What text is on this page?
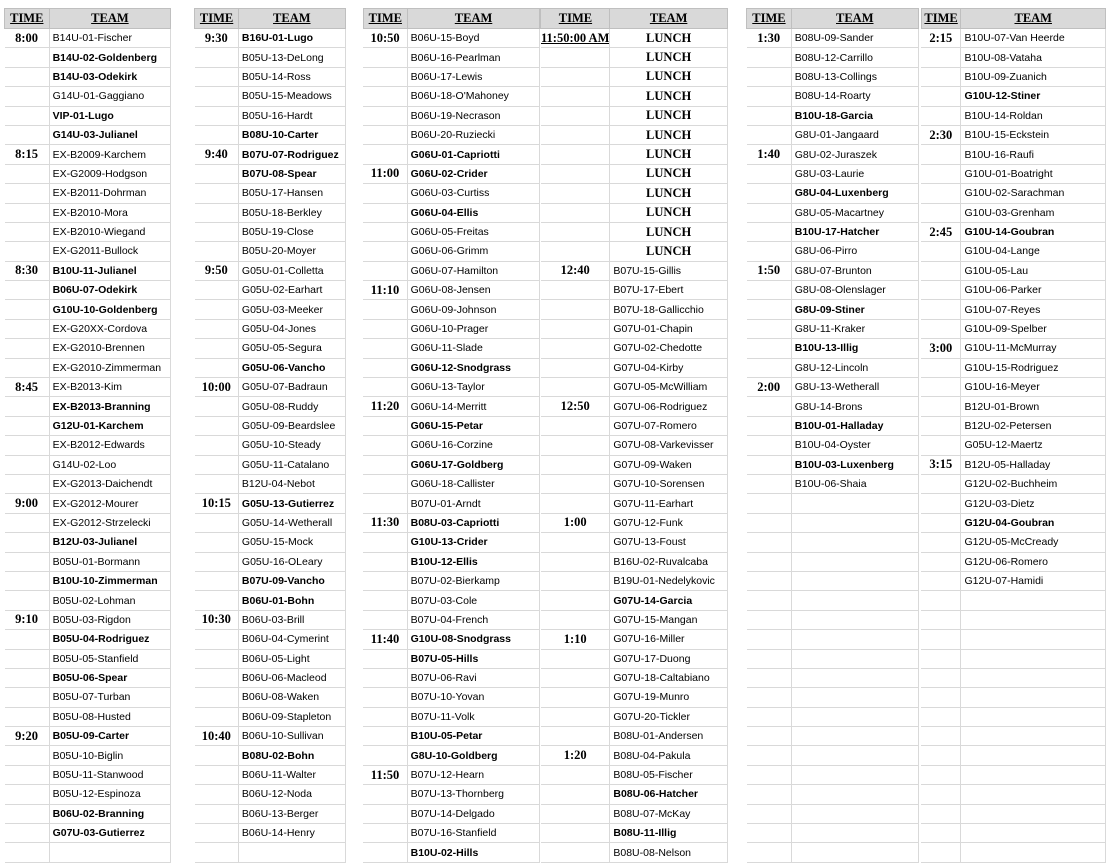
TIME	TEAM		TIME	TEAM		TIME	TEAM		TIME	TEAM		TIME	TEAM		TIME	TEAM
8:00	B14U-01-Fischer		9:30	B16U-01-Lugo		10:50	B06U-15-Boyd		11:50:00 AM	LUNCH		1:30	B08U-09-Sander		2:15	B10U-07-Van Heerde
	B14U-02-Goldenberg			B05U-13-DeLong			B06U-16-Pearlman			LUNCH			B08U-12-Carrillo			B10U-08-Vataha
	B14U-03-Odekirk			B05U-14-Ross			B06U-17-Lewis			LUNCH			B08U-13-Collings			B10U-09-Zuanich
	G14U-01-Gaggiano			B05U-15-Meadows			B06U-18-O'Mahoney			LUNCH			B08U-14-Roarty			G10U-12-Stiner
	VIP-01-Lugo			B05U-16-Hardt			B06U-19-Necrason			LUNCH			B10U-18-Garcia			B10U-14-Roldan
	G14U-03-Julianel			B08U-10-Carter			B06U-20-Ruziecki			LUNCH			G8U-01-Jangaard		2:30	B10U-15-Eckstein
8:15	EX-B2009-Karchem		9:40	B07U-07-Rodriguez			G06U-01-Capriotti			LUNCH		1:40	G8U-02-Juraszek			B10U-16-Raufi
	EX-G2009-Hodgson			B07U-08-Spear		11:00	G06U-02-Crider			LUNCH			G8U-03-Laurie			G10U-01-Boatright
	EX-B2011-Dohrman			B05U-17-Hansen			G06U-03-Curtiss			LUNCH			G8U-04-Luxenberg			G10U-02-Sarachman
	EX-B2010-Mora			B05U-18-Berkley			G06U-04-Ellis			LUNCH			G8U-05-Macartney			G10U-03-Grenham
	EX-B2010-Wiegand			B05U-19-Close			G06U-05-Freitas			LUNCH			B10U-17-Hatcher		2:45	G10U-14-Goubran
	EX-G2011-Bullock			B05U-20-Moyer			G06U-06-Grimm			LUNCH			G8U-06-Pirro			G10U-04-Lange
8:30	B10U-11-Julianel		9:50	G05U-01-Colletta			G06U-07-Hamilton		12:40	B07U-15-Gillis		1:50	G8U-07-Brunton			G10U-05-Lau
	B06U-07-Odekirk			G05U-02-Earhart		11:10	G06U-08-Jensen			B07U-17-Ebert			G8U-08-Olenslager			G10U-06-Parker
	G10U-10-Goldenberg			G05U-03-Meeker			G06U-09-Johnson			B07U-18-Gallicchio			G8U-09-Stiner			G10U-07-Reyes
	EX-G20XX-Cordova			G05U-04-Jones			G06U-10-Prager			G07U-01-Chapin			G8U-11-Kraker			G10U-09-Spelber
	EX-G2010-Brennen			G05U-05-Segura			G06U-11-Slade			G07U-02-Chedotte			B10U-13-Illig		3:00	G10U-11-McMurray
	EX-G2010-Zimmerman			G05U-06-Vancho			G06U-12-Snodgrass			G07U-04-Kirby			G8U-12-Lincoln			G10U-15-Rodriguez
8:45	EX-B2013-Kim		10:00	G05U-07-Badraun			G06U-13-Taylor			G07U-05-McWilliam		2:00	G8U-13-Wetherall			G10U-16-Meyer
	EX-B2013-Branning			G05U-08-Ruddy		11:20	G06U-14-Merritt		12:50	G07U-06-Rodriguez			G8U-14-Brons			B12U-01-Brown
	G12U-01-Karchem			G05U-09-Beardslee			G06U-15-Petar			G07U-07-Romero			B10U-01-Halladay			B12U-02-Petersen
	EX-B2012-Edwards			G05U-10-Steady			G06U-16-Corzine			G07U-08-Varkevisser			B10U-04-Oyster			G05U-12-Maertz
	G14U-02-Loo			G05U-11-Catalano			G06U-17-Goldberg			G07U-09-Waken			B10U-03-Luxenberg		3:15	B12U-05-Halladay
	EX-G2013-Daichendt			B12U-04-Nebot			G06U-18-Callister			G07U-10-Sorensen			B10U-06-Shaia			G12U-02-Buchheim
9:00	EX-G2012-Mourer		10:15	G05U-13-Gutierrez			B07U-01-Arndt			G07U-11-Earhart						G12U-03-Dietz
	EX-G2012-Strzelecki			G05U-14-Wetherall		11:30	B08U-03-Capriotti		1:00	G07U-12-Funk						G12U-04-Goubran
	B12U-03-Julianel			G05U-15-Mock			G10U-13-Crider			G07U-13-Foust						G12U-05-McCready
	B05U-01-Bormann			G05U-16-OLeary			B10U-12-Ellis			B16U-02-Ruvalcaba						G12U-06-Romero
	B10U-10-Zimmerman			B07U-09-Vancho			B07U-02-Bierkamp			B19U-01-Nedelykovic						G12U-07-Hamidi
	B05U-02-Lohman			B06U-01-Bohn			B07U-03-Cole			G07U-14-Garcia						
9:10	B05U-03-Rigdon		10:30	B06U-03-Brill			B07U-04-French			G07U-15-Mangan						
	B05U-04-Rodriguez			B06U-04-Cymerint		11:40	G10U-08-Snodgrass		1:10	G07U-16-Miller						
	B05U-05-Stanfield			B06U-05-Light			B07U-05-Hills			G07U-17-Duong						
	B05U-06-Spear			B06U-06-Macleod			B07U-06-Ravi			G07U-18-Caltabiano						
	B05U-07-Turban			B06U-08-Waken			B07U-10-Yovan			G07U-19-Munro						
	B05U-08-Husted			B06U-09-Stapleton			B07U-11-Volk			G07U-20-Tickler						
9:20	B05U-09-Carter		10:40	B06U-10-Sullivan			B10U-05-Petar			B08U-01-Andersen						
	B05U-10-Biglin			B08U-02-Bohn			G8U-10-Goldberg		1:20	B08U-04-Pakula						
	B05U-11-Stanwood			B06U-11-Walter		11:50	B07U-12-Hearn			B08U-05-Fischer						
	B05U-12-Espinoza			B06U-12-Noda			B07U-13-Thornberg			B08U-06-Hatcher						
	B06U-02-Branning			B06U-13-Berger			B07U-14-Delgado			B08U-07-McKay						
	G07U-03-Gutierrez			B06U-14-Henry			B07U-16-Stanfield			B08U-11-Illig						
							B10U-02-Hills			B08U-08-Nelson						
